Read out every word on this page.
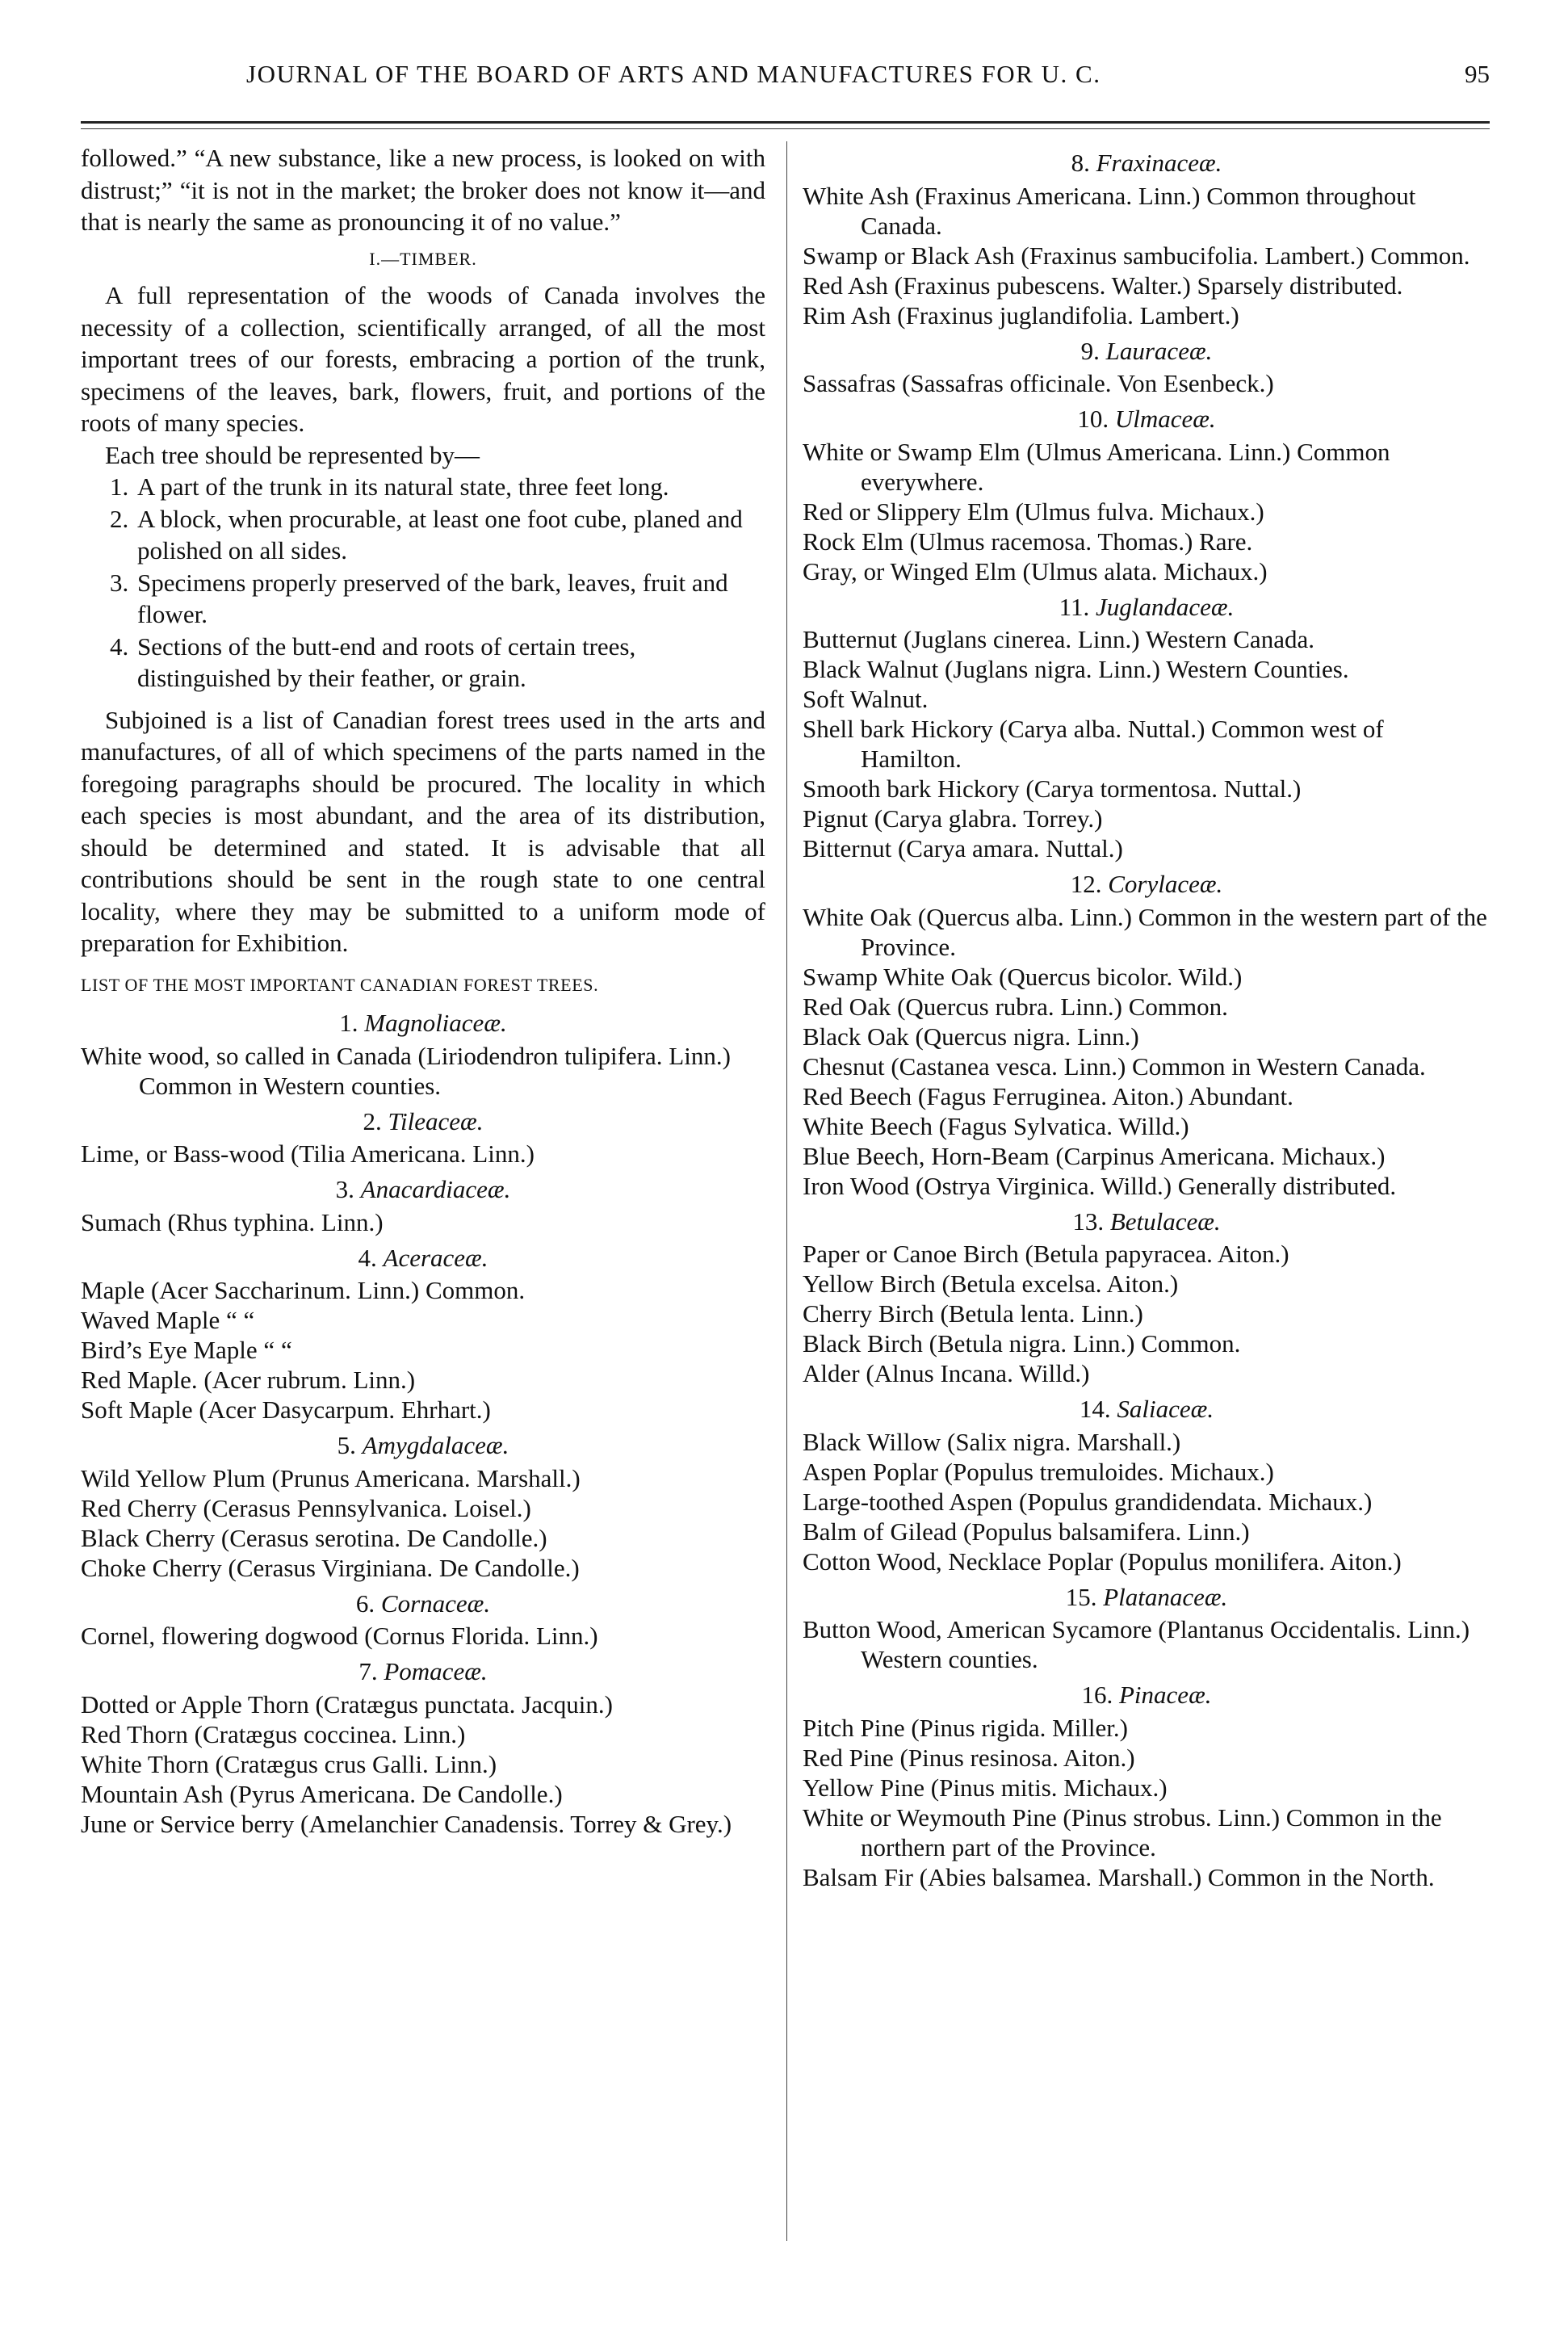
JOURNAL OF THE BOARD OF ARTS AND MANUFACTURES FOR U. C.	95

followed.” “A new substance, like a new process, is looked on with distrust;” “it is not in the market; the broker does not know it—and that is nearly the same as pronouncing it of no value.”

I.—TIMBER.

A full representation of the woods of Canada involves the necessity of a collection, scientifically arranged, of all the most important trees of our forests, embracing a portion of the trunk, specimens of the leaves, bark, flowers, fruit, and portions of the roots of many species.

Each tree should be represented by—

1. A part of the trunk in its natural state, three feet long.
2. A block, when procurable, at least one foot cube, planed and polished on all sides.
3. Specimens properly preserved of the bark, leaves, fruit and flower.
4. Sections of the butt-end and roots of certain trees, distinguished by their feather, or grain.

Subjoined is a list of Canadian forest trees used in the arts and manufactures, of all of which specimens of the parts named in the foregoing paragraphs should be procured. The locality in which each species is most abundant, and the area of its distribution, should be determined and stated. It is advisable that all contributions should be sent in the rough state to one central locality, where they may be submitted to a uniform mode of preparation for Exhibition.

LIST OF THE MOST IMPORTANT CANADIAN FOREST TREES.

1. Magnoliaceæ.

White wood, so called in Canada (Liriodendron tulipifera. Linn.) Common in Western counties.

2. Tileaceæ.

Lime, or Bass-wood (Tilia Americana. Linn.)

3. Anacardiaceæ.

Sumach (Rhus typhina. Linn.)

4. Aceraceæ.

Maple (Acer Saccharinum. Linn.) Common.

Waved Maple “ “

Bird’s Eye Maple “ “

Red Maple. (Acer rubrum. Linn.)

Soft Maple (Acer Dasycarpum. Ehrhart.)

5. Amygdalaceæ.

Wild Yellow Plum (Prunus Americana. Marshall.)

Red Cherry (Cerasus Pennsylvanica. Loisel.)

Black Cherry (Cerasus serotina. De Candolle.)

Choke Cherry (Cerasus Virginiana. De Candolle.)

6. Cornaceæ.

Cornel, flowering dogwood (Cornus Florida. Linn.)

7. Pomaceæ.

Dotted or Apple Thorn (Cratægus punctata. Jacquin.)

Red Thorn (Cratægus coccinea. Linn.)

White Thorn (Cratægus crus Galli. Linn.)

Mountain Ash (Pyrus Americana. De Candolle.)

June or Service berry (Amelanchier Canadensis. Torrey & Grey.)

8. Fraxinaceæ.

White Ash (Fraxinus Americana. Linn.) Common throughout Canada.

Swamp or Black Ash (Fraxinus sambucifolia. Lambert.) Common.

Red Ash (Fraxinus pubescens. Walter.) Sparsely distributed.

Rim Ash (Fraxinus juglandifolia. Lambert.)

9. Lauraceæ.

Sassafras (Sassafras officinale. Von Esenbeck.)

10. Ulmaceæ.

White or Swamp Elm (Ulmus Americana. Linn.) Common everywhere.

Red or Slippery Elm (Ulmus fulva. Michaux.)

Rock Elm (Ulmus racemosa. Thomas.) Rare.

Gray, or Winged Elm (Ulmus alata. Michaux.)

11. Juglandaceæ.

Butternut (Juglans cinerea. Linn.) Western Canada.

Black Walnut (Juglans nigra. Linn.) Western Counties.

Soft Walnut.

Shell bark Hickory (Carya alba. Nuttal.) Common west of Hamilton.

Smooth bark Hickory (Carya tormentosa. Nuttal.)

Pignut (Carya glabra. Torrey.)

Bitternut (Carya amara. Nuttal.)

12. Corylaceæ.

White Oak (Quercus alba. Linn.) Common in the western part of the Province.

Swamp White Oak (Quercus bicolor. Wild.)

Red Oak (Quercus rubra. Linn.) Common.

Black Oak (Quercus nigra. Linn.)

Chesnut (Castanea vesca. Linn.) Common in Western Canada.

Red Beech (Fagus Ferruginea. Aiton.) Abundant.

White Beech (Fagus Sylvatica. Willd.)

Blue Beech, Horn-Beam (Carpinus Americana. Michaux.)

Iron Wood (Ostrya Virginica. Willd.) Generally distributed.

13. Betulaceæ.

Paper or Canoe Birch (Betula papyracea. Aiton.)

Yellow Birch (Betula excelsa. Aiton.)

Cherry Birch (Betula lenta. Linn.)

Black Birch (Betula nigra. Linn.) Common.

Alder (Alnus Incana. Willd.)

14. Saliaceæ.

Black Willow (Salix nigra. Marshall.)

Aspen Poplar (Populus tremuloides. Michaux.)

Large-toothed Aspen (Populus grandidendata. Michaux.)

Balm of Gilead (Populus balsamifera. Linn.)

Cotton Wood, Necklace Poplar (Populus monilifera. Aiton.)

15. Platanaceæ.

Button Wood, American Sycamore (Plantanus Occidentalis. Linn.) Western counties.

16. Pinaceæ.

Pitch Pine (Pinus rigida. Miller.)

Red Pine (Pinus resinosa. Aiton.)

Yellow Pine (Pinus mitis. Michaux.)

White or Weymouth Pine (Pinus strobus. Linn.) Common in the northern part of the Province.

Balsam Fir (Abies balsamea. Marshall.) Common in the North.
